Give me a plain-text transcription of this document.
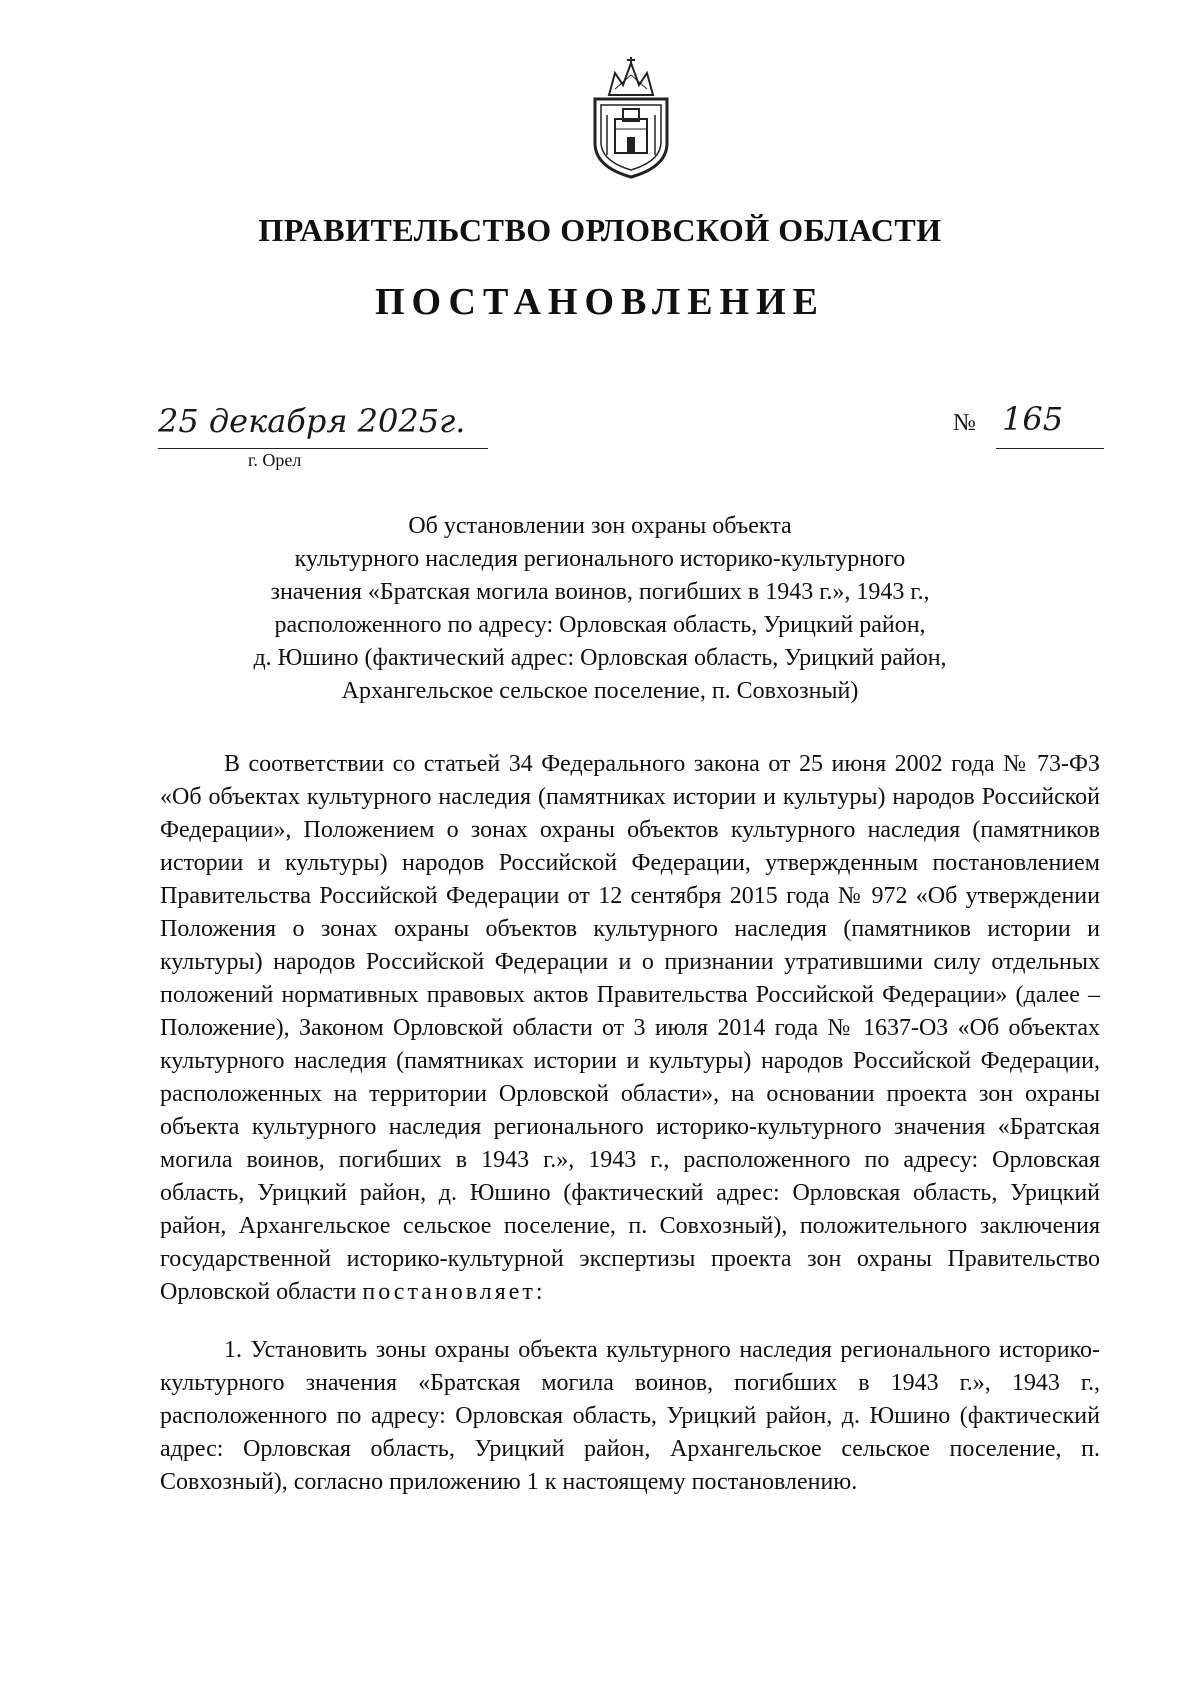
ПРАВИТЕЛЬСТВО ОРЛОВСКОЙ ОБЛАСТИ
ПОСТАНОВЛЕНИЕ
25 декабря 2025г.
г. Орел
№ 165
Об установлении зон охраны объекта
культурного наследия регионального историко-культурного
значения «Братская могила воинов, погибших в 1943 г.», 1943 г.,
расположенного по адресу: Орловская область, Урицкий район,
д. Юшино (фактический адрес: Орловская область, Урицкий район,
Архангельское сельское поселение, п. Совхозный)

В соответствии со статьей 34 Федерального закона от 25 июня 2002 года № 73-ФЗ «Об объектах культурного наследия (памятниках истории и культуры) народов Российской Федерации», Положением о зонах охраны объектов культурного наследия (памятников истории и культуры) народов Российской Федерации, утвержденным постановлением Правительства Российской Федерации от 12 сентября 2015 года № 972 «Об утверждении Положения о зонах охраны объектов культурного наследия (памятников истории и культуры) народов Российской Федерации и о признании утратившими силу отдельных положений нормативных правовых актов Правительства Российской Федерации» (далее – Положение), Законом Орловской области от 3 июля 2014 года № 1637-ОЗ «Об объектах культурного наследия (памятниках истории и культуры) народов Российской Федерации, расположенных на территории Орловской области», на основании проекта зон охраны объекта культурного наследия регионального историко-культурного значения «Братская могила воинов, погибших в 1943 г.», 1943 г., расположенного по адресу: Орловская область, Урицкий район, д. Юшино (фактический адрес: Орловская область, Урицкий район, Архангельское сельское поселение, п. Совхозный), положительного заключения государственной историко-культурной экспертизы проекта зон охраны Правительство Орловской области постановляет:

1. Установить зоны охраны объекта культурного наследия регионального историко-культурного значения «Братская могила воинов, погибших в 1943 г.», 1943 г., расположенного по адресу: Орловская область, Урицкий район, д. Юшино (фактический адрес: Орловская область, Урицкий район, Архангельское сельское поселение, п. Совхозный), согласно приложению 1 к настоящему постановлению.
